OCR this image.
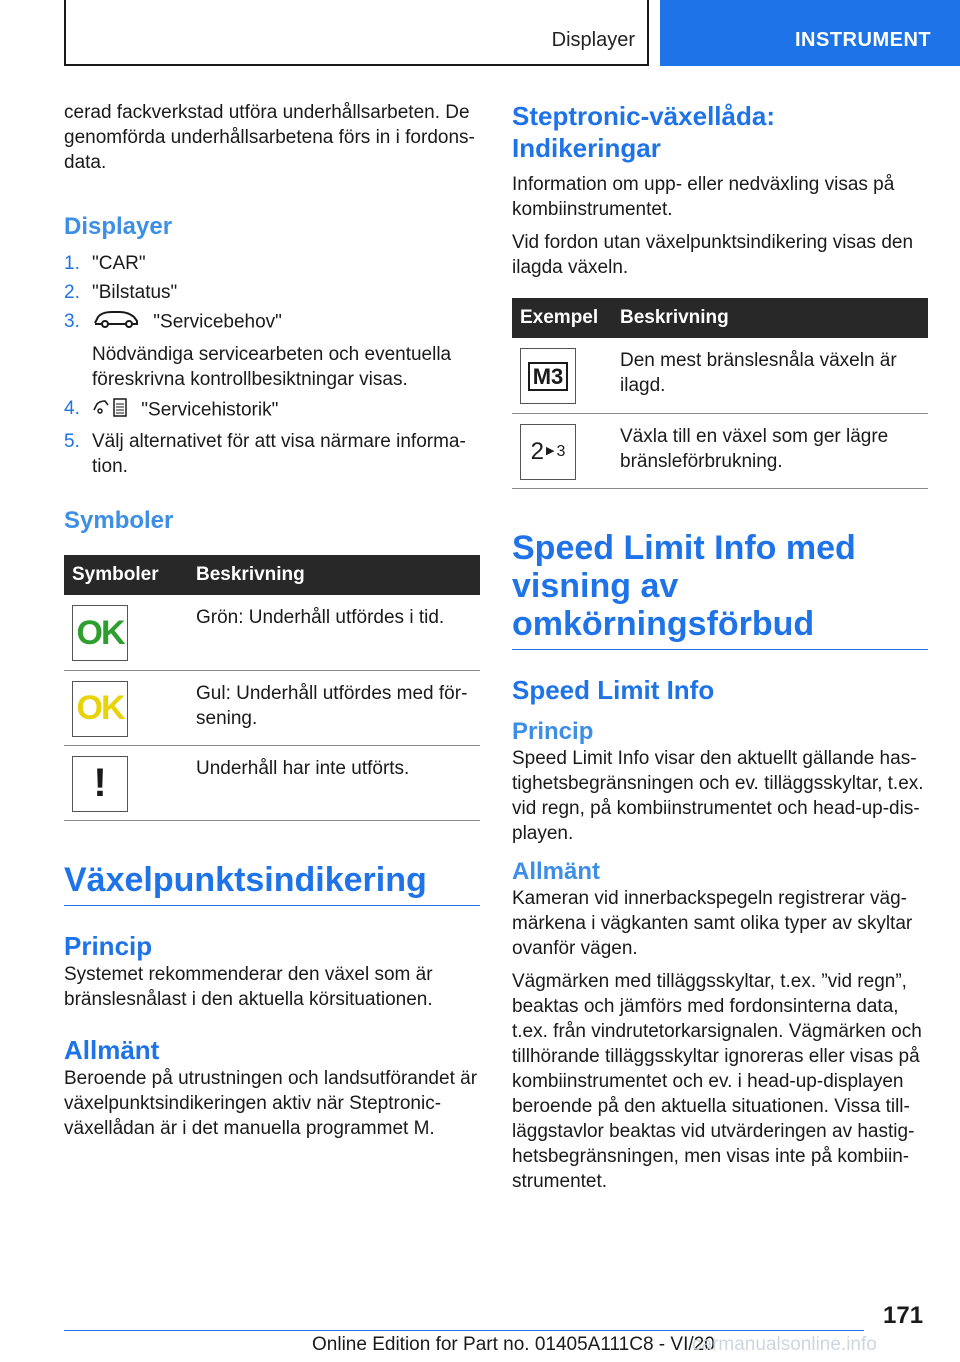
Displayer	INSTRUMENT

cerad fackverkstad utföra underhållsarbeten. De genomförda underhållsarbetena förs in i fordonsdata.

Displayer
1. "CAR"
2. "Bilstatus"
3.	"Servicebehov"
Nödvändiga servicearbeten och eventuella föreskrivna kontrollbesiktningar visas.
4.	"Servicehistorik"
5. Välj alternativet för att visa närmare information.
Symboler
Symboler	Beskrivning

OK	Grön: Underhåll utfördes i tid.

OK	Gul: Underhåll utfördes med försening.

!	Underhåll har inte utförts.
Växelpunktsindikering
Princip

Systemet rekommenderar den växel som är bränslesnålast i den aktuella körsituationen.

Allmänt

Beroende på utrustningen och landsutförandet är växelpunktsindikeringen aktiv när Steptronic-växellådan är i det manuella programmet M.

Steptronic-växellåda: Indikeringar

Information om upp- eller nedväxling visas på kombiinstrumentet.

Vid fordon utan växelpunktsindikering visas den ilagda växeln.

Exempel	Beskrivning

M3	Den mest bränslesnåla växeln är ilagd.

2 ▶ 3	Växla till en växel som ger lägre bränsleförbrukning.
Speed Limit Info med visning av omkörningsförbud
Speed Limit Info
Princip

Speed Limit Info visar den aktuellt gällande hastighetsbegränsningen och ev. tilläggsskyltar, t.ex. vid regn, på kombiinstrumentet och head-up-displayen.

Allmänt

Kameran vid innerbackspegeln registrerar vägmärkena i vägkanten samt olika typer av skyltar ovanför vägen.

Vägmärken med tilläggsskyltar, t.ex. ”vid regn”, beaktas och jämförs med fordonsinterna data, t.ex. från vindrutetorkarsignalen. Vägmärken och tillhörande tilläggsskyltar ignoreras eller visas på kombiinstrumentet och ev. i head-up-displayen beroende på den aktuella situationen. Vissa tillläggstavlor beaktas vid utvärderingen av hastighetsbegränsningen, men visas inte på kombiinstrumentet.

171
Online Edition for Part no. 01405A111C8 - VI/20
carmanualsonline.info
